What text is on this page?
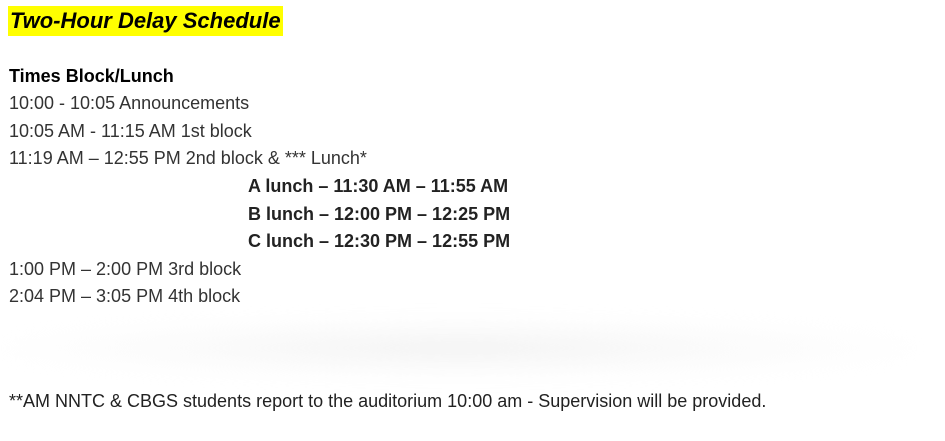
Two-Hour Delay Schedule
Times Block/Lunch
10:00 - 10:05 Announcements
10:05 AM - 11:15 AM 1st block
11:19 AM – 12:55 PM 2nd block & *** Lunch*
A lunch – 11:30 AM – 11:55 AM
B lunch – 12:00 PM – 12:25 PM
C lunch – 12:30 PM – 12:55 PM
1:00 PM – 2:00 PM 3rd block
2:04 PM – 3:05 PM 4th block
**AM NNTC & CBGS students report to the auditorium 10:00 am - Supervision will be provided.
